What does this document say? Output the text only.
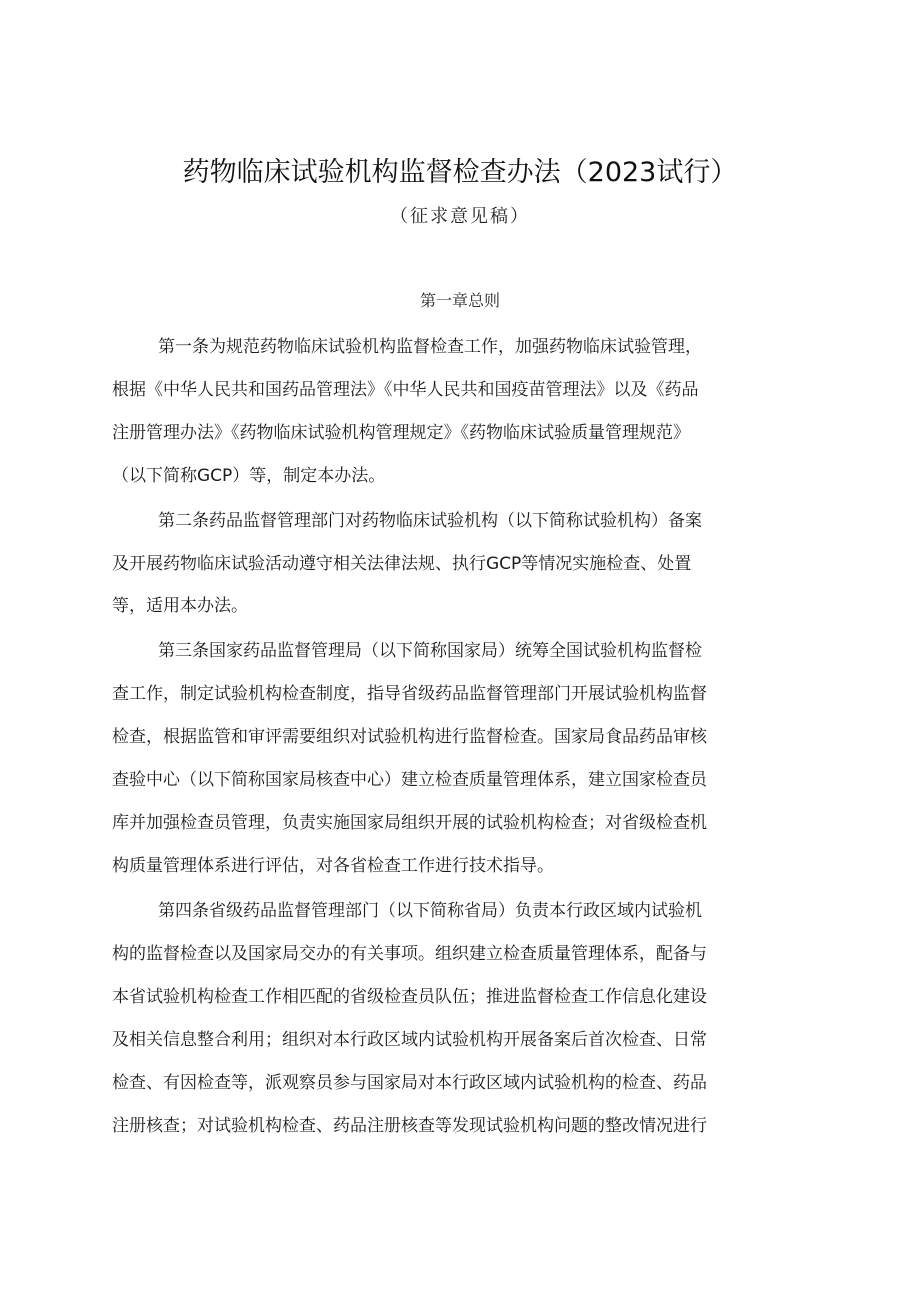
药物临床试验机构监督检查办法（2023试行）
（征求意见稿）
第一章总则
第一条为规范药物临床试验机构监督检查工作，加强药物临床试验管理，
根据《中华人民共和国药品管理法》《中华人民共和国疫苗管理法》以及《药品
注册管理办法》《药物临床试验机构管理规定》《药物临床试验质量管理规范》
（以下简称GCP）等，制定本办法。
第二条药品监督管理部门对药物临床试验机构（以下简称试验机构）备案
及开展药物临床试验活动遵守相关法律法规、执行GCP等情况实施检查、处置
等，适用本办法。
第三条国家药品监督管理局（以下简称国家局）统筹全国试验机构监督检
查工作，制定试验机构检查制度，指导省级药品监督管理部门开展试验机构监督
检查，根据监管和审评需要组织对试验机构进行监督检查。国家局食品药品审核
查验中心（以下简称国家局核查中心）建立检查质量管理体系，建立国家检查员
库并加强检查员管理，负责实施国家局组织开展的试验机构检查；对省级检查机
构质量管理体系进行评估，对各省检查工作进行技术指导。
第四条省级药品监督管理部门（以下简称省局）负责本行政区域内试验机
构的监督检查以及国家局交办的有关事项。组织建立检查质量管理体系，配备与
本省试验机构检查工作相匹配的省级检查员队伍；推进监督检查工作信息化建设
及相关信息整合利用；组织对本行政区域内试验机构开展备案后首次检查、日常
检查、有因检查等，派观察员参与国家局对本行政区域内试验机构的检查、药品
注册核查；对试验机构检查、药品注册核查等发现试验机构问题的整改情况进行
